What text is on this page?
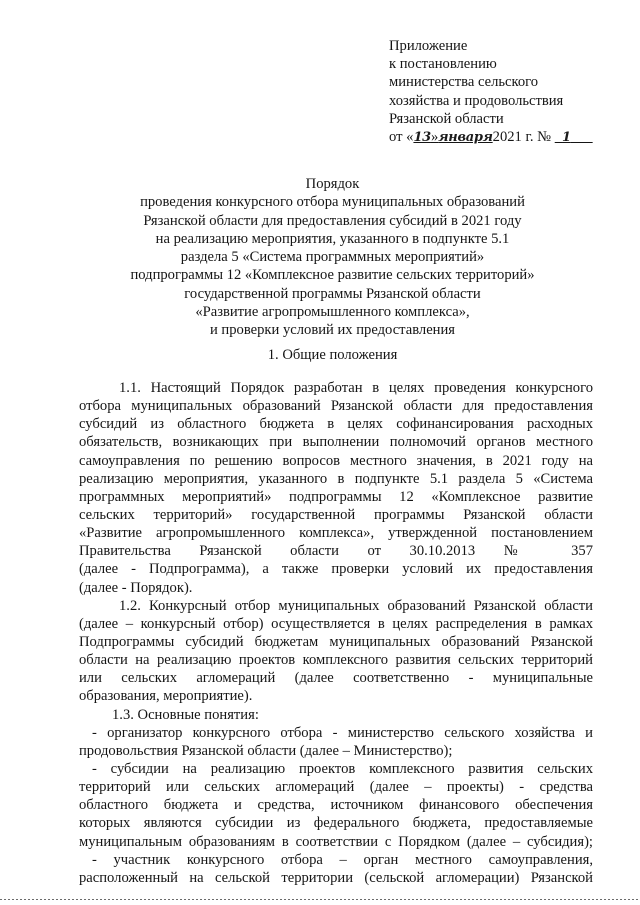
Приложение
к постановлению
министерства сельского
хозяйства и продовольствия
Рязанской области
от «13»января2021 г. № 1
Порядок
проведения конкурсного отбора муниципальных образований
Рязанской области для предоставления субсидий в 2021 году
на реализацию мероприятия, указанного в подпункте 5.1
раздела 5 «Система программных мероприятий»
подпрограммы 12 «Комплексное развитие сельских территорий»
государственной программы Рязанской области
«Развитие агропромышленного комплекса»,
и проверки условий их предоставления
1. Общие положения
1.1. Настоящий Порядок разработан в целях проведения конкурсного
отбора муниципальных образований Рязанской области для предоставления
субсидий из областного бюджета в целях софинансирования расходных
обязательств, возникающих при выполнении полномочий органов местного
самоуправления по решению вопросов местного значения, в 2021 году на
реализацию мероприятия, указанного в подпункте 5.1 раздела 5 «Система
программных мероприятий» подпрограммы 12 «Комплексное развитие
сельских территорий» государственной программы Рязанской области
«Развитие агропромышленного комплекса», утвержденной постановлением
Правительства Рязанской области от 30.10.2013 № 357
(далее - Подпрограмма), а также проверки условий их предоставления
(далее - Порядок).
1.2. Конкурсный отбор муниципальных образований Рязанской области
(далее – конкурсный отбор) осуществляется в целях распределения в рамках
Подпрограммы субсидий бюджетам муниципальных образований Рязанской
области на реализацию проектов комплексного развития сельских территорий
или сельских агломераций (далее соответственно - муниципальные
образования, мероприятие).
1.3. Основные понятия:
- организатор конкурсного отбора - министерство сельского хозяйства и
продовольствия Рязанской области (далее – Министерство);
- субсидии на реализацию проектов комплексного развития сельских
территорий или сельских агломераций (далее – проекты) - средства
областного бюджета и средства, источником финансового обеспечения
которых являются субсидии из федерального бюджета, предоставляемые
муниципальным образованиям в соответствии с Порядком (далее – субсидия);
- участник конкурсного отбора – орган местного самоуправления,
расположенный на сельской территории (сельской агломерации) Рязанской
